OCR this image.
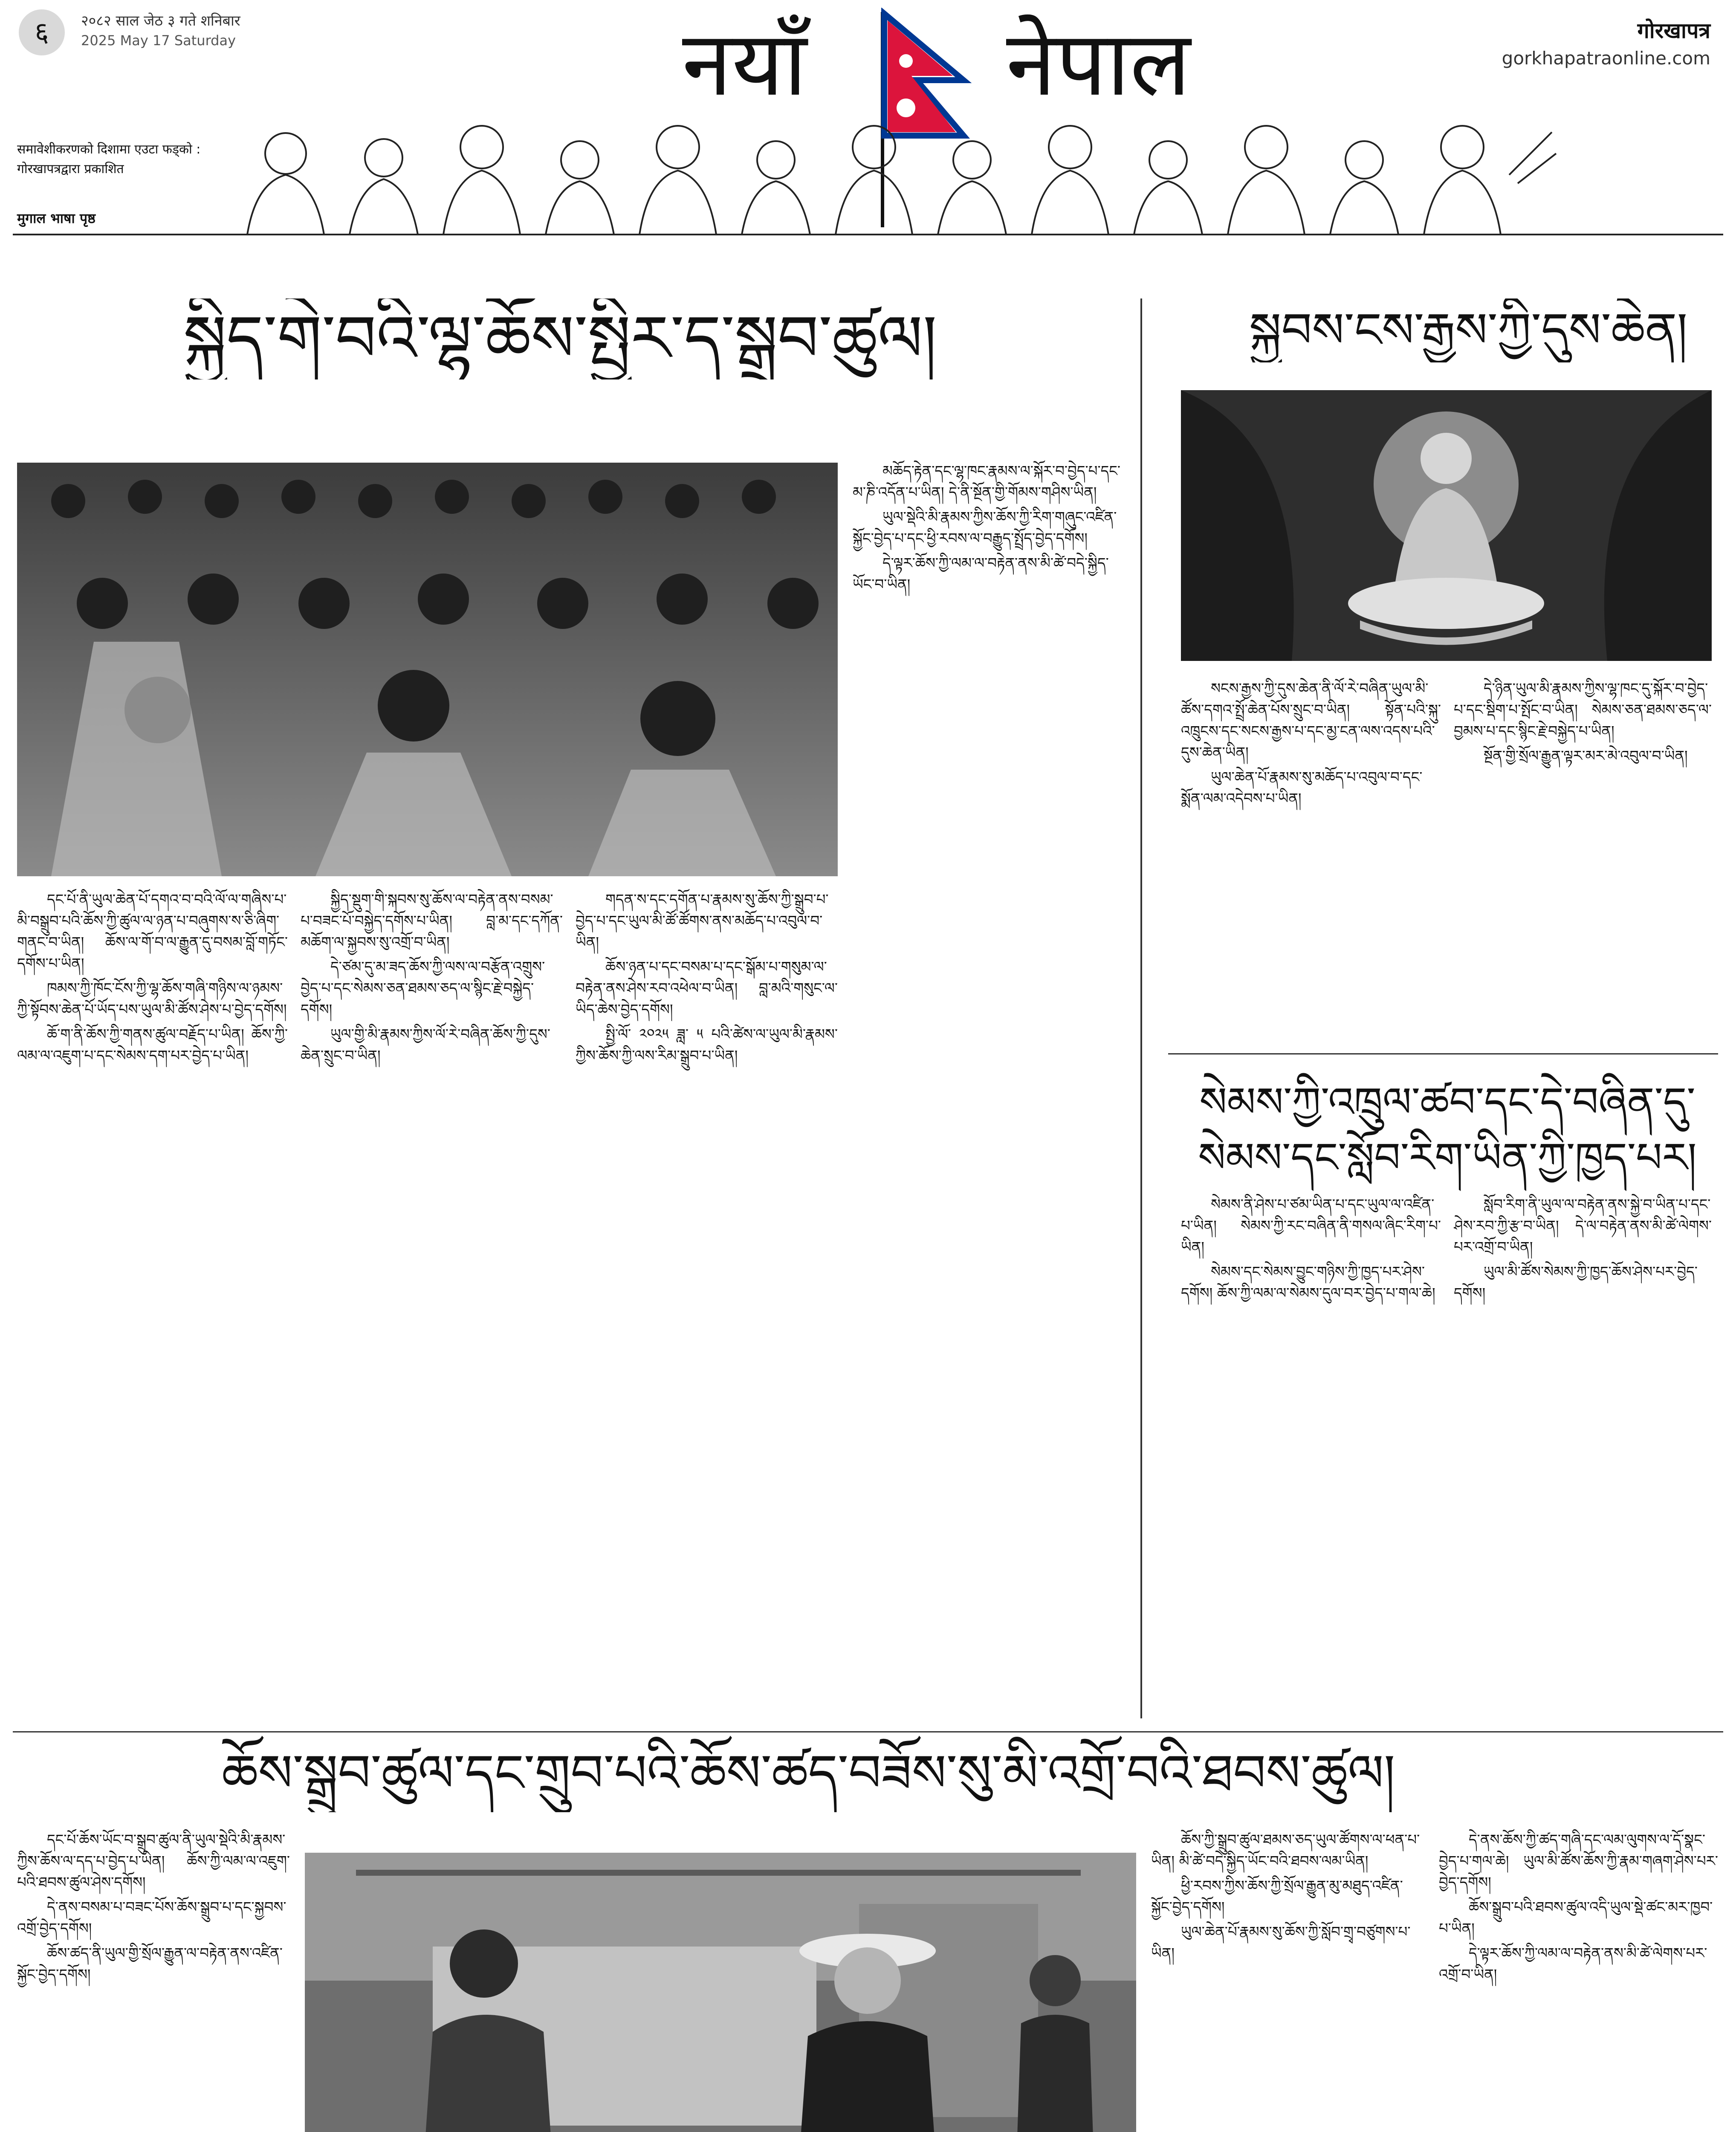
६	२०८२ साल जेठ ३ गते शनिबार
2025 May 17 Saturday	नयाँ नेपाल	गोरखापत्र
gorkhapatraonline.com
समावेशीकरणको दिशामा एउटा फड्को :
गोरखापत्रद्वारा प्रकाशित
मुगाल भाषा पृष्ठ
སྐྱིད་གེ་བའི་ལྷ་ཆོས་སྤྱིར་ད་སྒྲུབ་ཚུལ།

དང་པོ་ནི་ཡུལ་ཆེན་པོ་དགའ་བ་བའི་ལོ་ལ་གཞིས་པ་མི་བསྒྲུབ་པའི་ཆོས་ཀྱི་ཚུལ་ལ་ཉན་པ་བཞུགས་ས་ཅི་ཞིག་གནང་བ་ཡིན། ཆོས་ལ་གོ་བ་ལ་རྒྱུན་དུ་བསམ་བློ་གཏོང་དགོས་པ་ཡིན།

ཁམས་ཀྱི་ཁོང་ངོས་ཀྱི་ལྷ་ཆོས་གཞི་གཉིས་ལ་ཉམས་ཀྱི་སྟོབས་ཆེན་པོ་ཡོད་པས་ཡུལ་མི་ཚོས་ཤེས་པ་བྱེད་དགོས།

ཆོ་ག་ནི་ཆོས་ཀྱི་གནས་ཚུལ་བརྗོད་པ་ཡིན། ཆོས་ཀྱི་ལམ་ལ་འཇུག་པ་དང་སེམས་དག་པར་བྱེད་པ་ཡིན།

སྐྱིད་སྡུག་གི་སྐབས་སུ་ཆོས་ལ་བརྟེན་ནས་བསམ་པ་བཟང་པོ་བསྐྱེད་དགོས་པ་ཡིན། བླ་མ་དང་དཀོན་མཆོག་ལ་སྐྱབས་སུ་འགྲོ་བ་ཡིན།

དེ་ཙམ་དུ་མ་ཟད་ཆོས་ཀྱི་ལས་ལ་བརྩོན་འགྲུས་བྱེད་པ་དང་སེམས་ཅན་ཐམས་ཅད་ལ་སྙིང་རྗེ་བསྐྱེད་དགོས།

ཡུལ་གྱི་མི་རྣམས་ཀྱིས་ལོ་རེ་བཞིན་ཆོས་ཀྱི་དུས་ཆེན་སྲུང་བ་ཡིན།

གདན་ས་དང་དགོན་པ་རྣམས་སུ་ཆོས་ཀྱི་སྒྲུབ་པ་བྱེད་པ་དང་ཡུལ་མི་ཚོ་ཚོགས་ནས་མཆོད་པ་འབུལ་བ་ཡིན།

ཆོས་ཉན་པ་དང་བསམ་པ་དང་སྒོམ་པ་གསུམ་ལ་བརྟེན་ནས་ཤེས་རབ་འཕེལ་བ་ཡིན། བླ་མའི་གསུང་ལ་ཡིད་ཆེས་བྱེད་དགོས།

སྤྱི་ལོ་ ༢༠༢༥ ཟླ་ ༥ པའི་ཚེས་ལ་ཡུལ་མི་རྣམས་ཀྱིས་ཆོས་ཀྱི་ལས་རིམ་སྒྲུབ་པ་ཡིན།

མཆོད་རྟེན་དང་ལྷ་ཁང་རྣམས་ལ་སྐོར་བ་བྱེད་པ་དང་མ་ཎི་འདོན་པ་ཡིན། དེ་ནི་སྔོན་གྱི་གོམས་གཤིས་ཡིན།

ཡུལ་སྡེའི་མི་རྣམས་ཀྱིས་ཆོས་ཀྱི་རིག་གཞུང་འཛིན་སྐྱོང་བྱེད་པ་དང་ཕྱི་རབས་ལ་བརྒྱུད་སྤྲོད་བྱེད་དགོས།

དེ་ལྟར་ཆོས་ཀྱི་ལམ་ལ་བརྟེན་ནས་མི་ཚེ་བདེ་སྐྱིད་ཡོང་བ་ཡིན།

སྐྱབས་ངས་རྒྱས་ཀྱི་དུས་ཆེན།

སངས་རྒྱས་ཀྱི་དུས་ཆེན་ནི་ལོ་རེ་བཞིན་ཡུལ་མི་ཚོས་དགའ་སྤྲོ་ཆེན་པོས་སྲུང་བ་ཡིན། སྟོན་པའི་སྐུ་འཁྲུངས་དང་སངས་རྒྱས་པ་དང་མྱ་ངན་ལས་འདས་པའི་དུས་ཆེན་ཡིན།

ཡུལ་ཆེན་པོ་རྣམས་སུ་མཆོད་པ་འབུལ་བ་དང་སྨོན་ལམ་འདེབས་པ་ཡིན།

དེ་ཉིན་ཡུལ་མི་རྣམས་ཀྱིས་ལྷ་ཁང་དུ་སྐོར་བ་བྱེད་པ་དང་སྡིག་པ་སྤོང་བ་ཡིན། སེམས་ཅན་ཐམས་ཅད་ལ་བྱམས་པ་དང་སྙིང་རྗེ་བསྐྱེད་པ་ཡིན།

སྔོན་གྱི་སྲོལ་རྒྱུན་ལྟར་མར་མེ་འབུལ་བ་ཡིན།

སེམས་ཀྱི་འཁྲུལ་ཚབ་དང་དེ་བཞིན་དུ་སེམས་དང་སློབ་རིག་ཡིན་ཀྱི་ཁྱད་པར།

སེམས་ནི་ཤེས་པ་ཙམ་ཡིན་པ་དང་ཡུལ་ལ་འཛིན་པ་ཡིན། སེམས་ཀྱི་རང་བཞིན་ནི་གསལ་ཞིང་རིག་པ་ཡིན།

སེམས་དང་སེམས་བྱུང་གཉིས་ཀྱི་ཁྱད་པར་ཤེས་དགོས། ཆོས་ཀྱི་ལམ་ལ་སེམས་དུལ་བར་བྱེད་པ་གལ་ཆེ།

སློབ་རིག་ནི་ཡུལ་ལ་བརྟེན་ནས་སྐྱེ་བ་ཡིན་པ་དང་ཤེས་རབ་ཀྱི་རྩ་བ་ཡིན། དེ་ལ་བརྟེན་ནས་མི་ཚེ་ལེགས་པར་འགྲོ་བ་ཡིན།

ཡུལ་མི་ཚོས་སེམས་ཀྱི་ཁྱད་ཆོས་ཤེས་པར་བྱེད་དགོས།

ཆོས་སྒྲུབ་ཚུལ་དང་གྲུབ་པའི་ཆོས་ཚད་བཟོས་སུ་མི་འགྲོ་བའི་ཐབས་ཚུལ།

དང་པོ་ཆོས་ཡོང་བ་སྒྲུབ་ཚུལ་ནི་ཡུལ་སྡེའི་མི་རྣམས་ཀྱིས་ཆོས་ལ་དད་པ་བྱེད་པ་ཡིན། ཆོས་ཀྱི་ལམ་ལ་འཇུག་པའི་ཐབས་ཚུལ་ཤེས་དགོས།

དེ་ནས་བསམ་པ་བཟང་པོས་ཆོས་སྒྲུབ་པ་དང་སྐྱབས་འགྲོ་བྱེད་དགོས།

ཆོས་ཚད་ནི་ཡུལ་གྱི་སྲོལ་རྒྱུན་ལ་བརྟེན་ནས་འཛིན་སྐྱོང་བྱེད་དགོས།

ཆོས་ཀྱི་སྒྲུབ་ཚུལ་ཐམས་ཅད་ཡུལ་ཚོགས་ལ་ཕན་པ་ཡིན། མི་ཚེ་བདེ་སྐྱིད་ཡོང་བའི་ཐབས་ལམ་ཡིན།

ཕྱི་རབས་ཀྱིས་ཆོས་ཀྱི་སྲོལ་རྒྱུན་མུ་མཐུད་འཛིན་སྐྱོང་བྱེད་དགོས།

ཡུལ་ཆེན་པོ་རྣམས་སུ་ཆོས་ཀྱི་སློབ་གྲྭ་བཙུགས་པ་ཡིན།

དེ་ནས་ཆོས་ཀྱི་ཚད་གཞི་དང་ལམ་ལུགས་ལ་དོ་སྣང་བྱེད་པ་གལ་ཆེ། ཡུལ་མི་ཚོས་ཆོས་ཀྱི་རྣམ་གཞག་ཤེས་པར་བྱེད་དགོས།

ཆོས་སྒྲུབ་པའི་ཐབས་ཚུལ་འདི་ཡུལ་སྡེ་ཚང་མར་ཁྱབ་པ་ཡིན།

དེ་ལྟར་ཆོས་ཀྱི་ལམ་ལ་བརྟེན་ནས་མི་ཚེ་ལེགས་པར་འགྲོ་བ་ཡིན།
